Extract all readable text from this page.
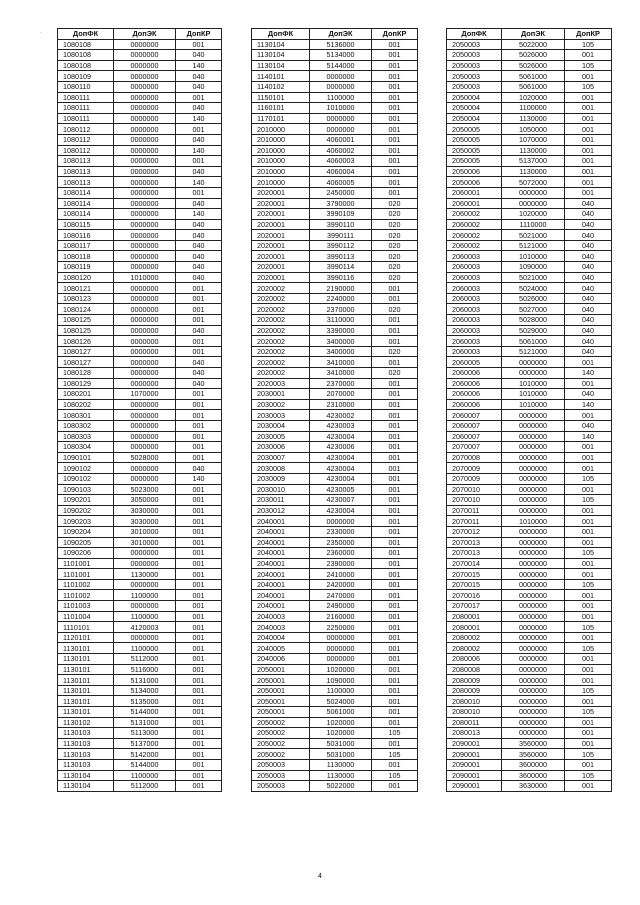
·	ДопФК	ДопЭК	ДопКР
1080108	0000000	001
1080108	0000000	040
1080108	0000000	140
1080109	0000000	040
1080110	0000000	040
1080111	0000000	001
1080111	0000000	040
1080111	0000000	140
1080112	0000000	001
1080112	0000000	040
1080112	0000000	140
1080113	0000000	001
1080113	0000000	040
1080113	0000000	140
1080114	0000000	001
1080114	0000000	040
1080114	0000000	140
1080115	0000000	040
1080116	0000000	040
1080117	0000000	040
1080118	0000000	040
1080119	0000000	040
1080120	1010000	040
1080121	0000000	001
1080123	0000000	001
1080124	0000000	001
1080125	0000000	001
1080125	0000000	040
1080126	0000000	001
1080127	0000000	001
1080127	0000000	040
1080128	0000000	040
1080129	0000000	040
1080201	1070000	001
1080202	0000000	001
1080301	0000000	001
1080302	0000000	001
1080303	0000000	001
1080304	0000000	001
1090101	5028000	001
1090102	0000000	040
1090102	0000000	140
1090103	5023000	001
1090201	3050000	001
1090202	3030000	001
1090203	3030000	001
1090204	3010000	001
1090205	3010000	001
1090206	0000000	001
1101001	0000000	001
1101001	1130000	001
1101002	0000000	001
1101002	1100000	001
1101003	0000000	001
1101004	1100000	001
1110101	4120003	001
1120101	0000000	001
1130101	1100000	001
1130101	5112000	001
1130101	5116000	001
1130101	5131000	001
1130101	5134000	001
1130101	5135000	001
1130101	5144000	001
1130102	5131000	001
1130103	5113000	001
1130103	5137000	001
1130103	5142000	001
1130103	5144000	001
1130104	1100000	001
1130104	5112000	001
ДопФК	ДопЭК	ДопКР
1130104	5136000	001
1130104	5134000	001
1130104	5144000	001
1140101	0000000	001
1140102	0000000	001
1150101	1100000	001
1160101	1010000	001
1170101	0000000	001
2010000	0000000	001
2010000	4060001	001
2010000	4060002	001
2010000	4060003	001
2010000	4060004	001
2010000	4060005	001
2020001	2450000	001
2020001	3790000	020
2020001	3990109	020
2020001	3990110	020
2020001	3990111	020
2020001	3990112	020
2020001	3990113	020
2020001	3990114	020
2020001	3990116	020
2020002	2190000	001
2020002	2240000	001
2020002	2370000	020
2020002	3110000	001
2020002	3390000	001
2020002	3400000	001
2020002	3400000	020
2020002	3410000	001
2020002	3410000	020
2020003	2370000	001
2030001	2070000	001
2030002	2310000	001
2030003	4230002	001
2030004	4230003	001
2030005	4230004	001
2030006	4230006	001
2030007	4230004	001
2030008	4230004	001
2030009	4230004	001
2030010	4230005	001
2030011	4230007	001
2030012	4230004	001
2040001	0000000	001
2040001	2330000	001
2040001	2350000	001
2040001	2360000	001
2040001	2390000	001
2040001	2410000	001
2040001	2420000	001
2040001	2470000	001
2040001	2490000	001
2040003	2160000	001
2040003	2250000	001
2040004	0000000	001
2040005	0000000	001
2040006	0000000	001
2050001	1020000	001
2050001	1090000	001
2050001	1100000	001
2050001	5024000	001
2050001	5061000	001
2050002	1020000	001
2050002	1020000	105
2050002	5031000	001
2050002	5031000	105
2050003	1130000	001
2050003	1130000	105
2050003	5022000	001
ДопФК	ДопЭК	ДопКР
2050003	5022000	105
2050003	5026000	001
2050003	5026000	105
2050003	5061000	001
2050003	5061000	105
2050004	1020000	001
2050004	1100000	001
2050004	1130000	001
2050005	1050000	001
2050005	1070000	001
2050005	1130000	001
2050005	5137000	001
2050006	1130000	001
2050006	5072000	001
2060001	0000000	001
2060001	0000000	040
2060002	1020000	040
2060002	1110000	040
2060002	5021000	040
2060002	5121000	040
2060003	1010000	040
2060003	1090000	040
2060003	5021000	040
2060003	5024000	040
2060003	5026000	040
2060003	5027000	040
2060003	5028000	040
2060003	5029000	040
2060003	5061000	040
2060003	5121000	040
2060005	0000000	001
2060006	0000000	140
2060006	1010000	001
2060006	1010000	040
2060006	1010000	140
2060007	0000000	001
2060007	0000000	040
2060007	0000000	140
2070007	0000000	001
2070008	0000000	001
2070009	0000000	001
2070009	0000000	105
2070010	0000000	001
2070010	0000000	105
2070011	0000000	001
2070011	1010000	001
2070012	0000000	001
2070013	0000000	001
2070013	0000000	105
2070014	0000000	001
2070015	0000000	001
2070015	0000000	105
2070016	0000000	001
2070017	0000000	001
2080001	0000000	001
2080001	0000000	105
2080002	0000000	001
2080002	0000000	105
2080006	0000000	001
2080008	0000000	001
2080009	0000000	001
2080009	0000000	105
2080010	0000000	001
2080010	0000000	105
2080011	0000000	001
2080013	0000000	001
2090001	3560000	001
2090001	3560000	105
2090001	3600000	001
2090001	3600000	105
2090001	3630000	001
4
